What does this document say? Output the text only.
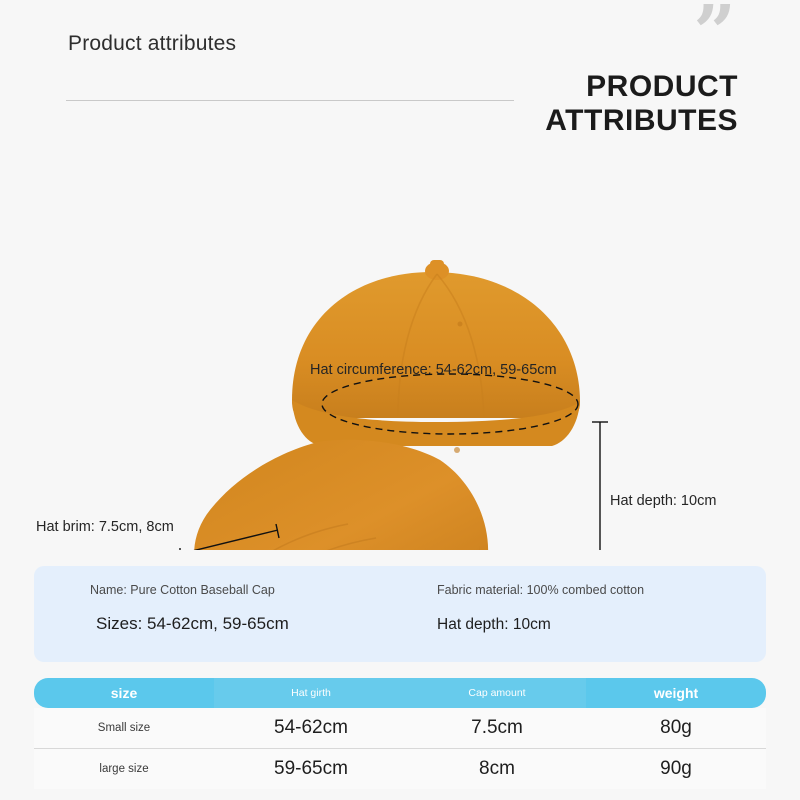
Product attributes	”
PRODUCT
ATTRIBUTES
Hat circumference: 54-62cm, 59-65cm
Hat brim: 7.5cm, 8cm
Hat depth: 10cm
Name: Pure Cotton Baseball Cap	Fabric material: 100% combed cotton
Sizes: 54-62cm, 59-65cm	Hat depth: 10cm
size	Hat girth	Cap amount	weight
Small size	54-62cm	7.5cm	80g
large size	59-65cm	8cm	90g
